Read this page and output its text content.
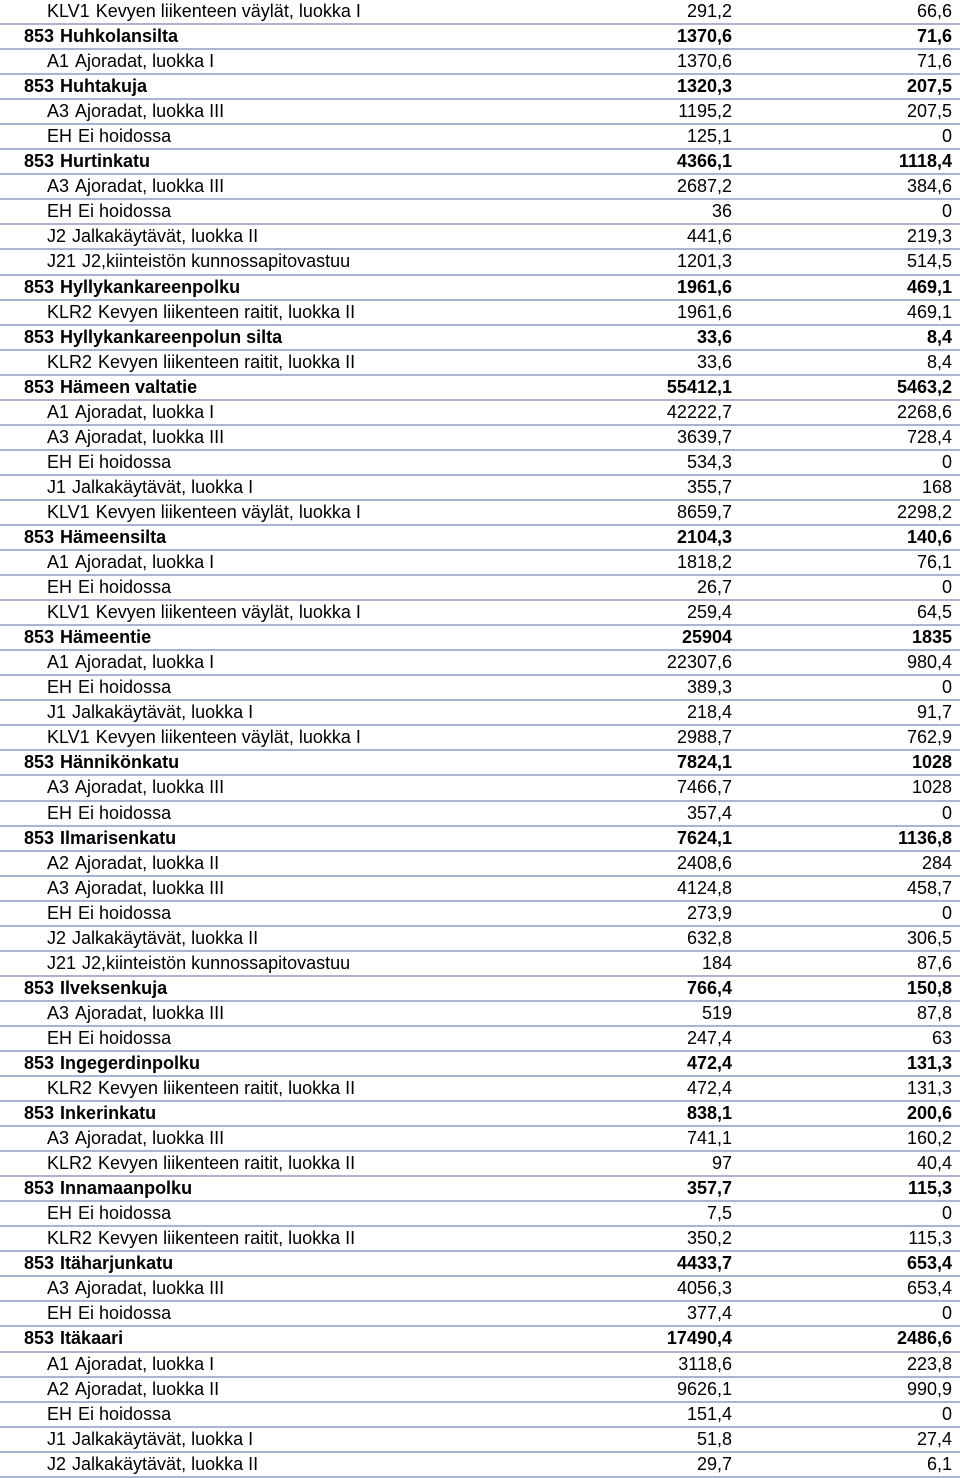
KLV1 Kevyen liikenteen väylät, luokka I	291,2	66,6
853 Huhkolansilta	1370,6	71,6
A1 Ajoradat, luokka I	1370,6	71,6
853 Huhtakuja	1320,3	207,5
A3 Ajoradat, luokka III	1195,2	207,5
EH Ei hoidossa	125,1	0
853 Hurtinkatu	4366,1	1118,4
A3 Ajoradat, luokka III	2687,2	384,6
EH Ei hoidossa	36	0
J2 Jalkakäytävät, luokka II	441,6	219,3
J21 J2,kiinteistön kunnossapitovastuu	1201,3	514,5
853 Hyllykankareenpolku	1961,6	469,1
KLR2 Kevyen liikenteen raitit, luokka II	1961,6	469,1
853 Hyllykankareenpolun silta	33,6	8,4
KLR2 Kevyen liikenteen raitit, luokka II	33,6	8,4
853 Hämeen valtatie	55412,1	5463,2
A1 Ajoradat, luokka I	42222,7	2268,6
A3 Ajoradat, luokka III	3639,7	728,4
EH Ei hoidossa	534,3	0
J1 Jalkakäytävät, luokka I	355,7	168
KLV1 Kevyen liikenteen väylät, luokka I	8659,7	2298,2
853 Hämeensilta	2104,3	140,6
A1 Ajoradat, luokka I	1818,2	76,1
EH Ei hoidossa	26,7	0
KLV1 Kevyen liikenteen väylät, luokka I	259,4	64,5
853 Hämeentie	25904	1835
A1 Ajoradat, luokka I	22307,6	980,4
EH Ei hoidossa	389,3	0
J1 Jalkakäytävät, luokka I	218,4	91,7
KLV1 Kevyen liikenteen väylät, luokka I	2988,7	762,9
853 Hännikönkatu	7824,1	1028
A3 Ajoradat, luokka III	7466,7	1028
EH Ei hoidossa	357,4	0
853 Ilmarisenkatu	7624,1	1136,8
A2 Ajoradat, luokka II	2408,6	284
A3 Ajoradat, luokka III	4124,8	458,7
EH Ei hoidossa	273,9	0
J2 Jalkakäytävät, luokka II	632,8	306,5
J21 J2,kiinteistön kunnossapitovastuu	184	87,6
853 Ilveksenkuja	766,4	150,8
A3 Ajoradat, luokka III	519	87,8
EH Ei hoidossa	247,4	63
853 Ingegerdinpolku	472,4	131,3
KLR2 Kevyen liikenteen raitit, luokka II	472,4	131,3
853 Inkerinkatu	838,1	200,6
A3 Ajoradat, luokka III	741,1	160,2
KLR2 Kevyen liikenteen raitit, luokka II	97	40,4
853 Innamaanpolku	357,7	115,3
EH Ei hoidossa	7,5	0
KLR2 Kevyen liikenteen raitit, luokka II	350,2	115,3
853 Itäharjunkatu	4433,7	653,4
A3 Ajoradat, luokka III	4056,3	653,4
EH Ei hoidossa	377,4	0
853 Itäkaari	17490,4	2486,6
A1 Ajoradat, luokka I	3118,6	223,8
A2 Ajoradat, luokka II	9626,1	990,9
EH Ei hoidossa	151,4	0
J1 Jalkakäytävät, luokka I	51,8	27,4
J2 Jalkakäytävät, luokka II	29,7	6,1
